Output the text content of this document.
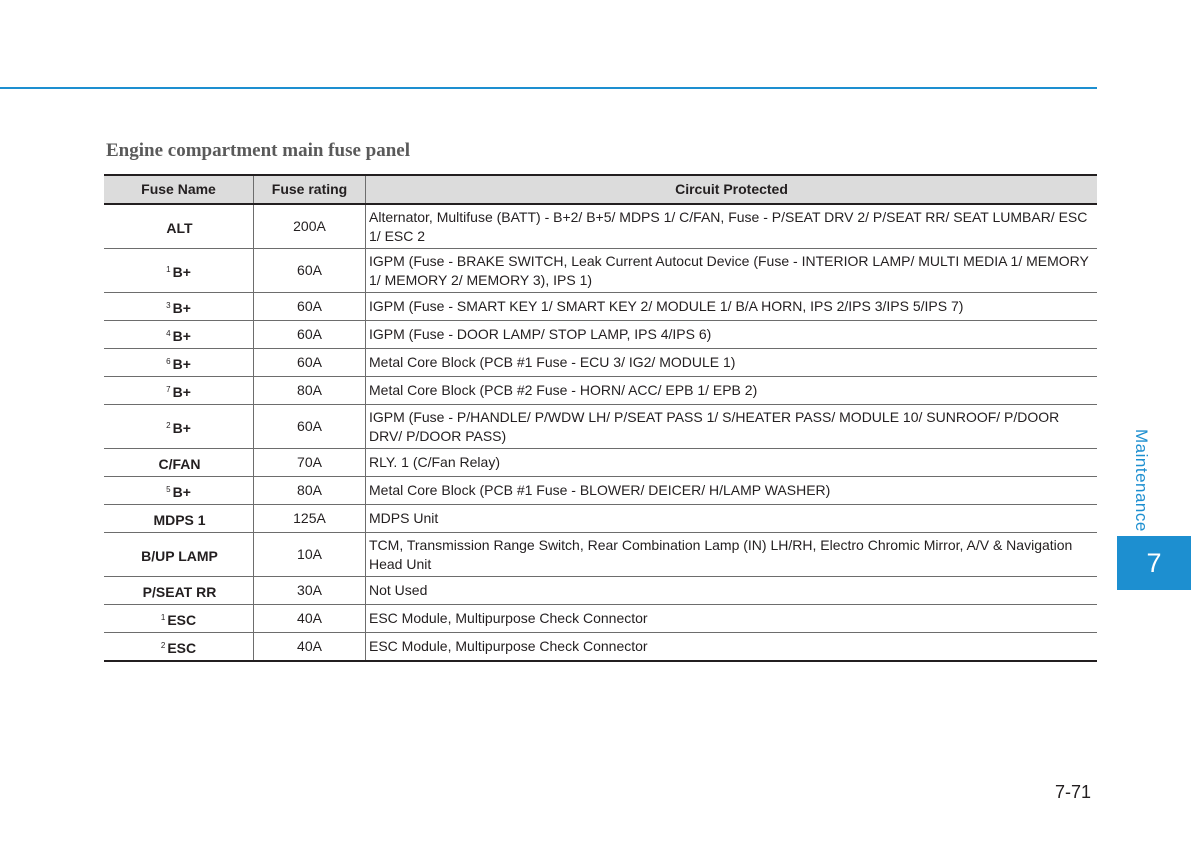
Engine compartment main fuse panel
Fuse Name	Fuse rating	Circuit Protected
ALT	200A	Alternator, Multifuse (BATT) - B+2/ B+5/ MDPS 1/ C/FAN, Fuse - P/SEAT DRV 2/ P/SEAT RR/ SEAT LUMBAR/ ESC 1/ ESC 2
$^1$ B+	60A	IGPM (Fuse - BRAKE SWITCH, Leak Current Autocut Device (Fuse - INTERIOR LAMP/ MULTI MEDIA 1/ MEMORY 1/ MEMORY 2/ MEMORY 3), IPS 1)
$^3$ B+	60A	IGPM (Fuse - SMART KEY 1/ SMART KEY 2/ MODULE 1/ B/A HORN, IPS 2/IPS 3/IPS 5/IPS 7)
$^4$ B+	60A	IGPM (Fuse - DOOR LAMP/ STOP LAMP, IPS 4/IPS 6)
$^6$ B+	60A	Metal Core Block (PCB #1 Fuse - ECU 3/ IG2/ MODULE 1)
$^7$ B+	80A	Metal Core Block (PCB #2 Fuse - HORN/ ACC/ EPB 1/ EPB 2)
$^2$ B+	60A	IGPM (Fuse - P/HANDLE/ P/WDW LH/ P/SEAT PASS 1/ S/HEATER PASS/ MODULE 10/ SUNROOF/ P/DOOR DRV/ P/DOOR PASS)
C/FAN	70A	RLY. 1 (C/Fan Relay)
$^5$ B+	80A	Metal Core Block (PCB #1 Fuse - BLOWER/ DEICER/ H/LAMP WASHER)
MDPS 1	125A	MDPS Unit
B/UP LAMP	10A	TCM, Transmission Range Switch, Rear Combination Lamp (IN) LH/RH, Electro Chromic Mirror, A/V & Navigation Head Unit
P/SEAT RR	30A	Not Used
$^1$ ESC	40A	ESC Module, Multipurpose Check Connector
$^2$ ESC	40A	ESC Module, Multipurpose Check Connector
Maintenance
7
7-71
